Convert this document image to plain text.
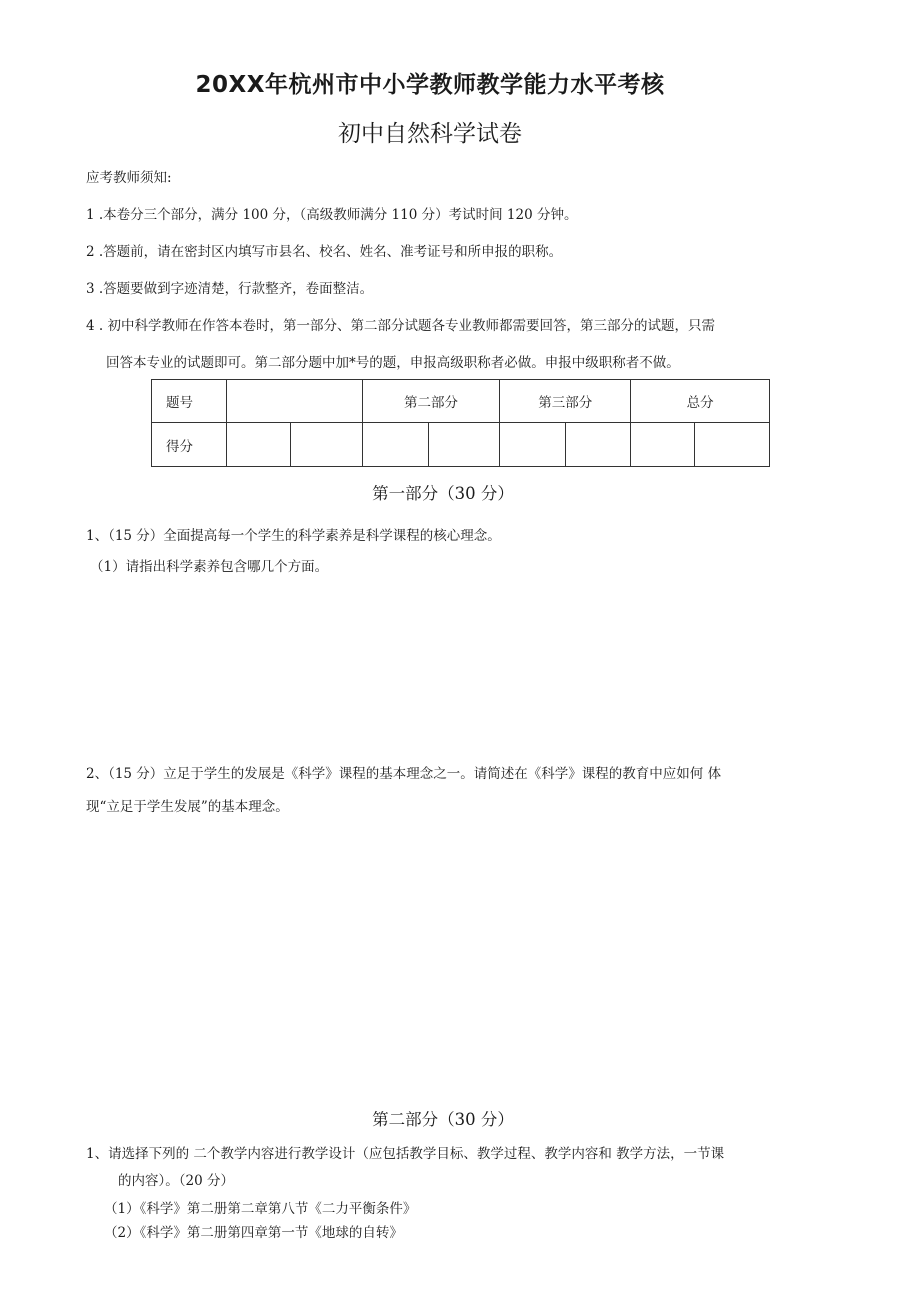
20XX年杭州市中小学教师教学能力水平考核
初中自然科学试卷
应考教师须知:
1 .本卷分三个部分，满分 100 分，（高级教师满分 110 分）考试时间 120 分钟。
2 .答题前，请在密封区内填写市县名、校名、姓名、准考证号和所申报的职称。
3 .答题要做到字迹清楚，行款整齐，卷面整洁。
4 . 初中科学教师在作答本卷时，第一部分、第二部分试题各专业教师都需要回答，第三部分的试题，只需
回答本专业的试题即可。第二部分题中加*号的题，申报高级职称者必做。申报中级职称者不做。
题号			第二部分		第三部分		总分	
得分								
第一部分（30 分）
1、（15 分）全面提高每一个学生的科学素养是科学课程的核心理念。
（1）请指出科学素养包含哪几个方面。
2、（15 分）立足于学生的发展是《科学》课程的基本理念之一。请简述在《科学》课程的教育中应如何 体
现“立足于学生发展”的基本理念。
第二部分（30 分）
1、请选择下列的 二个教学内容进行教学设计（应包括教学目标、教学过程、教学内容和 教学方法，一节课
的内容）。（20 分）
（1）《科学》第二册第二章第八节《二力平衡条件》
（2）《科学》第二册第四章第一节《地球的自转》
